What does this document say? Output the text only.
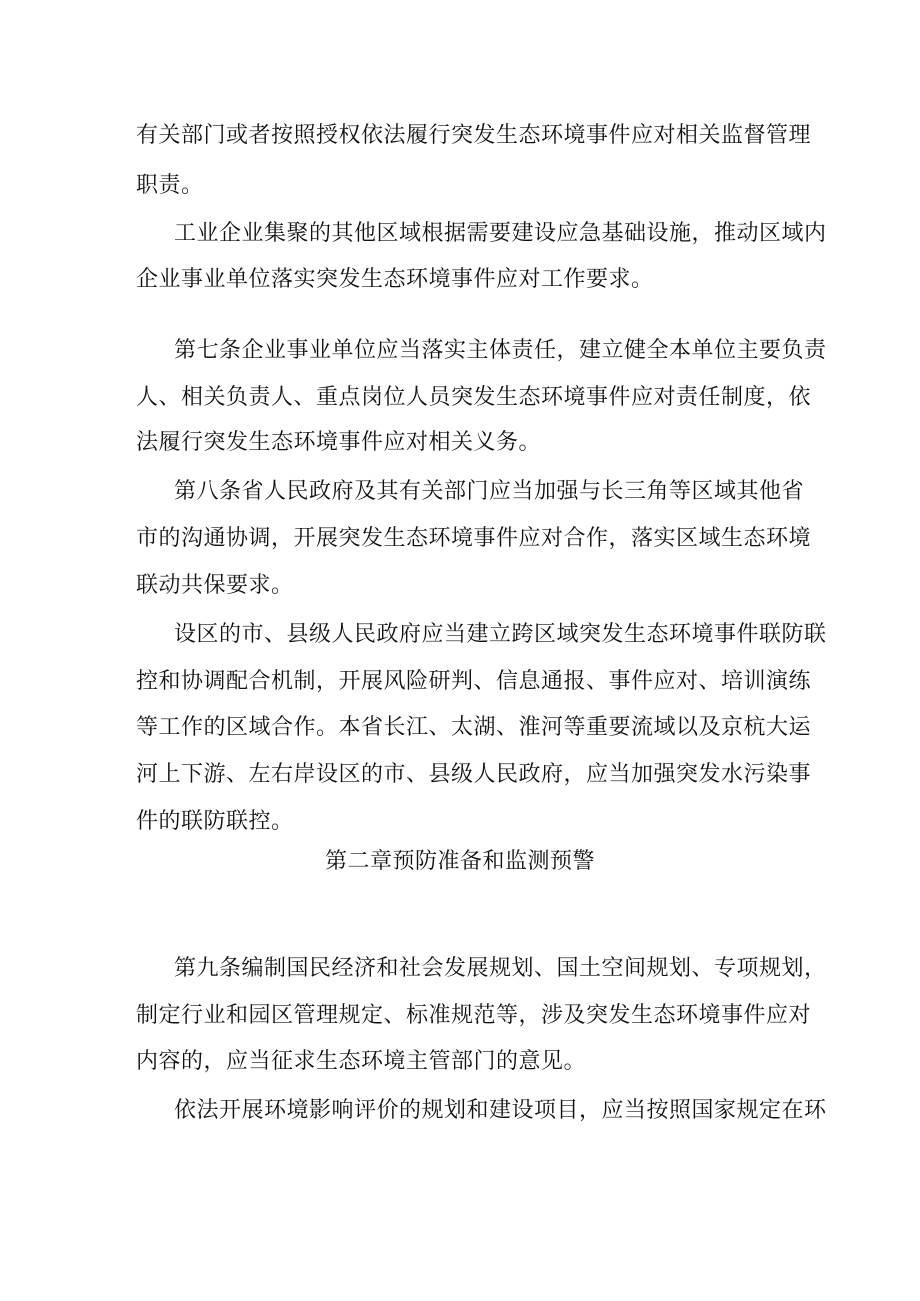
有关部门或者按照授权依法履行突发生态环境事件应对相关监督管理
职责。
工业企业集聚的其他区域根据需要建设应急基础设施，推动区域内
企业事业单位落实突发生态环境事件应对工作要求。
第七条企业事业单位应当落实主体责任，建立健全本单位主要负责
人、相关负责人、重点岗位人员突发生态环境事件应对责任制度，依
法履行突发生态环境事件应对相关义务。
第八条省人民政府及其有关部门应当加强与长三角等区域其他省
市的沟通协调，开展突发生态环境事件应对合作，落实区域生态环境
联动共保要求。
设区的市、县级人民政府应当建立跨区域突发生态环境事件联防联
控和协调配合机制，开展风险研判、信息通报、事件应对、培训演练
等工作的区域合作。本省长江、太湖、淮河等重要流域以及京杭大运
河上下游、左右岸设区的市、县级人民政府，应当加强突发水污染事
件的联防联控。
第二章预防准备和监测预警
第九条编制国民经济和社会发展规划、国土空间规划、专项规划，
制定行业和园区管理规定、标准规范等，涉及突发生态环境事件应对
内容的，应当征求生态环境主管部门的意见。
依法开展环境影响评价的规划和建设项目，应当按照国家规定在环
